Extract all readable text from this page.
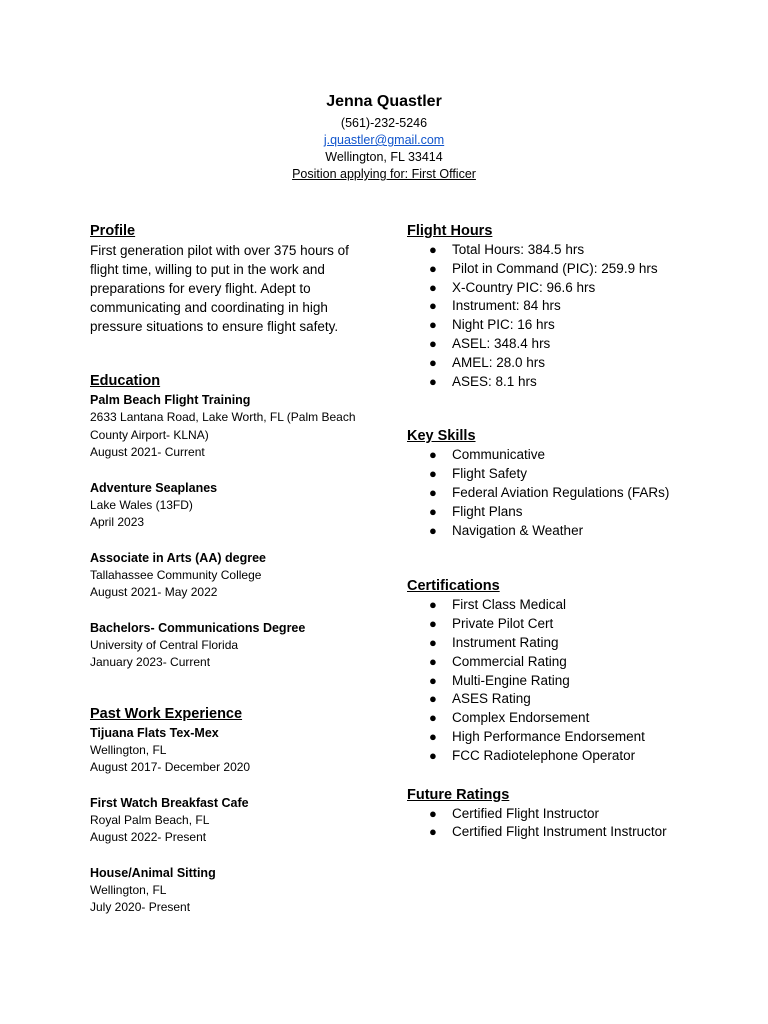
Jenna Quastler
(561)-232-5246
j.quastler@gmail.com
Wellington, FL 33414
Position applying for: First Officer
Profile

First generation pilot with over 375 hours of flight time, willing to put in the work and preparations for every flight. Adept to communicating and coordinating in high pressure situations to ensure flight safety.

Education
Palm Beach Flight Training
2633 Lantana Road, Lake Worth, FL (Palm Beach County Airport- KLNA)
August 2021- Current
Adventure Seaplanes
Lake Wales (13FD)
April 2023
Associate in Arts (AA) degree
Tallahassee Community College
August 2021- May 2022
Bachelors- Communications Degree
University of Central Florida
January 2023- Current
Past Work Experience
Tijuana Flats Tex-Mex
Wellington, FL
August 2017- December 2020
First Watch Breakfast Cafe
Royal Palm Beach, FL
August 2022- Present
House/Animal Sitting
Wellington, FL
July 2020- Present
Flight Hours
● Total Hours: 384.5 hrs
● Pilot in Command (PIC): 259.9 hrs
● X-Country PIC: 96.6 hrs
● Instrument: 84 hrs
● Night PIC: 16 hrs
● ASEL: 348.4 hrs
● AMEL: 28.0 hrs
● ASES: 8.1 hrs
Key Skills
● Communicative
● Flight Safety
● Federal Aviation Regulations (FARs)
● Flight Plans
● Navigation & Weather
Certifications
● First Class Medical
● Private Pilot Cert
● Instrument Rating
● Commercial Rating
● Multi-Engine Rating
● ASES Rating
● Complex Endorsement
● High Performance Endorsement
● FCC Radiotelephone Operator
Future Ratings
● Certified Flight Instructor
● Certified Flight Instrument Instructor
